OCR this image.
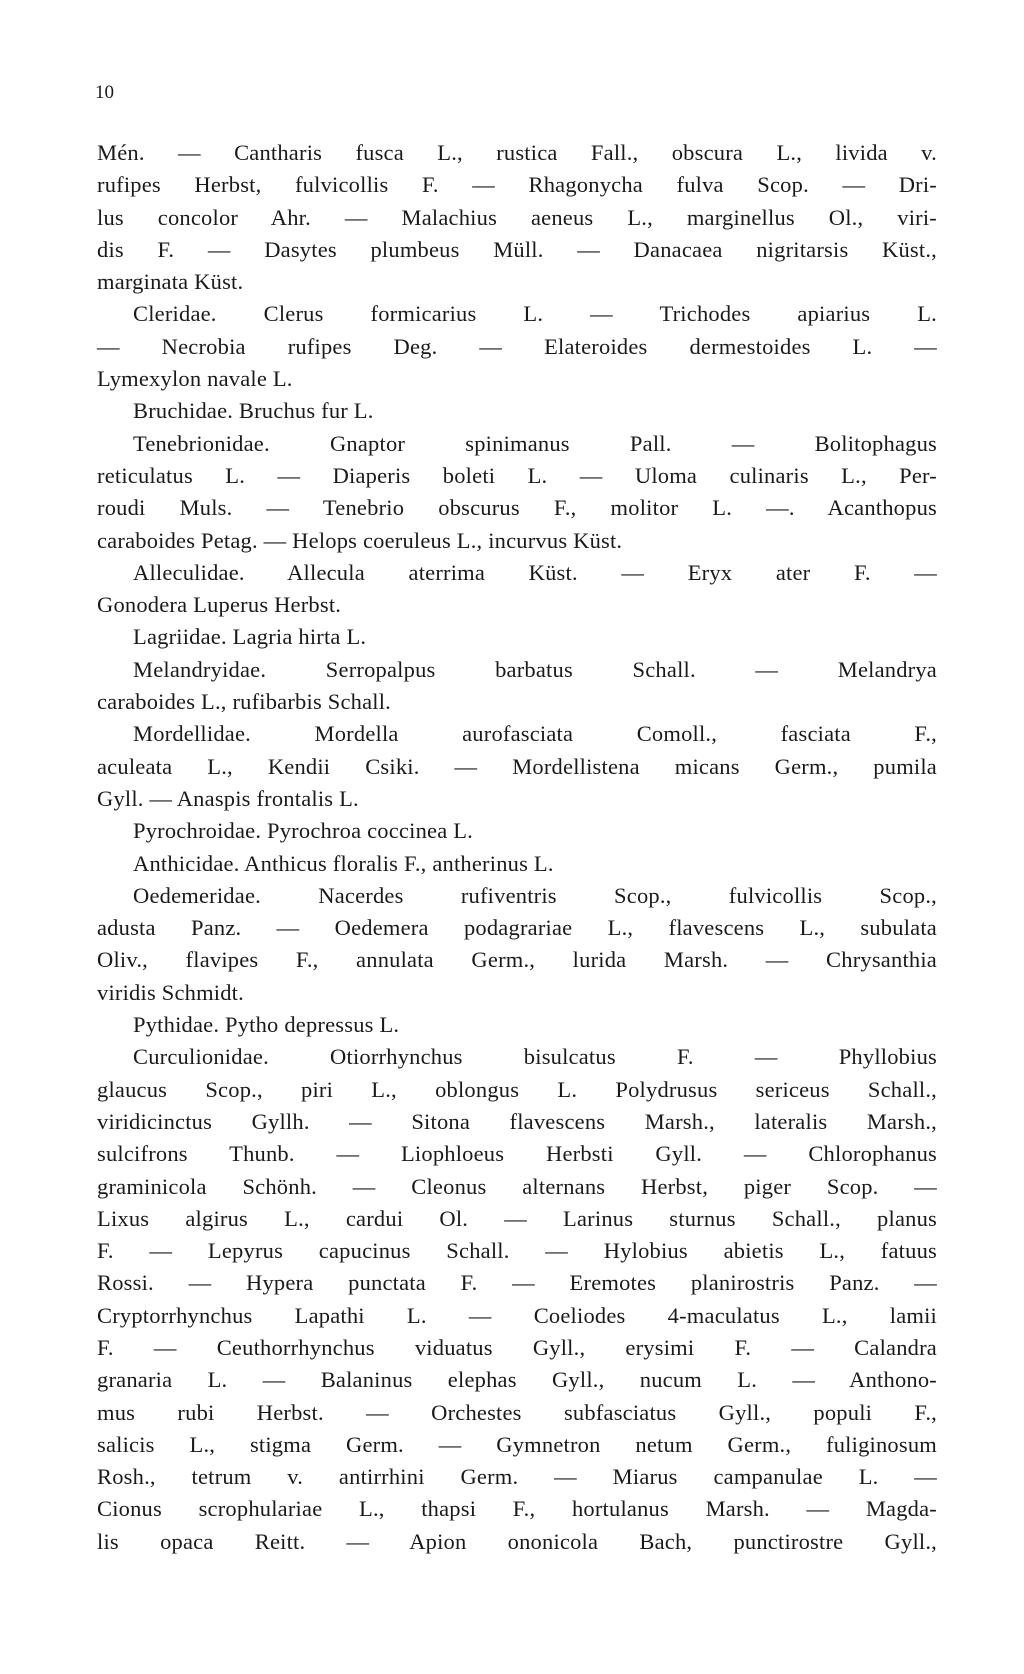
10
Mén. — Cantharis fusca L., rustica Fall., obscura L., livida v.
rufipes Herbst, fulvicollis F. — Rhagonycha fulva Scop. — Dri-
lus concolor Ahr. — Malachius aeneus L., marginellus Ol., viri-
dis F. — Dasytes plumbeus Müll. — Danacaea nigritarsis Küst.,
marginata Küst.
Cleridae. Clerus formicarius L. — Trichodes apiarius L.
— Necrobia rufipes Deg. — Elateroides dermestoides L. —
Lymexylon navale L.
Bruchidae. Bruchus fur L.
Tenebrionidae. Gnaptor spinimanus Pall. — Bolitophagus
reticulatus L. — Diaperis boleti L. — Uloma culinaris L., Per-
roudi Muls. — Tenebrio obscurus F., molitor L. —. Acanthopus
caraboides Petag. — Helops coeruleus L., incurvus Küst.
Alleculidae. Allecula aterrima Küst. — Eryx ater F. —
Gonodera Luperus Herbst.
Lagriidae. Lagria hirta L.
Melandryidae. Serropalpus barbatus Schall. — Melandrya
caraboides L., rufibarbis Schall.
Mordellidae. Mordella aurofasciata Comoll., fasciata F.,
aculeata L., Kendii Csiki. — Mordellistena micans Germ., pumila
Gyll. — Anaspis frontalis L.
Pyrochroidae. Pyrochroa coccinea L.
Anthicidae. Anthicus floralis F., antherinus L.
Oedemeridae. Nacerdes rufiventris Scop., fulvicollis Scop.,
adusta Panz. — Oedemera podagrariae L., flavescens L., subulata
Oliv., flavipes F., annulata Germ., lurida Marsh. — Chrysanthia
viridis Schmidt.
Pythidae. Pytho depressus L.
Curculionidae. Otiorrhynchus bisulcatus F. — Phyllobius
glaucus Scop., piri L., oblongus L. Polydrusus sericeus Schall.,
viridicinctus Gyllh. — Sitona flavescens Marsh., lateralis Marsh.,
sulcifrons Thunb. — Liophloeus Herbsti Gyll. — Chlorophanus
graminicola Schönh. — Cleonus alternans Herbst, piger Scop. —
Lixus algirus L., cardui Ol. — Larinus sturnus Schall., planus
F. — Lepyrus capucinus Schall. — Hylobius abietis L., fatuus
Rossi. — Hypera punctata F. — Eremotes planirostris Panz. —
Cryptorrhynchus Lapathi L. — Coeliodes 4-maculatus L., lamii
F. — Ceuthorrhynchus viduatus Gyll., erysimi F. — Calandra
granaria L. — Balaninus elephas Gyll., nucum L. — Anthono-
mus rubi Herbst. — Orchestes subfasciatus Gyll., populi F.,
salicis L., stigma Germ. — Gymnetron netum Germ., fuliginosum
Rosh., tetrum v. antirrhini Germ. — Miarus campanulae L. —
Cionus scrophulariae L., thapsi F., hortulanus Marsh. — Magda-
lis opaca Reitt. — Apion ononicola Bach, punctirostre Gyll.,
